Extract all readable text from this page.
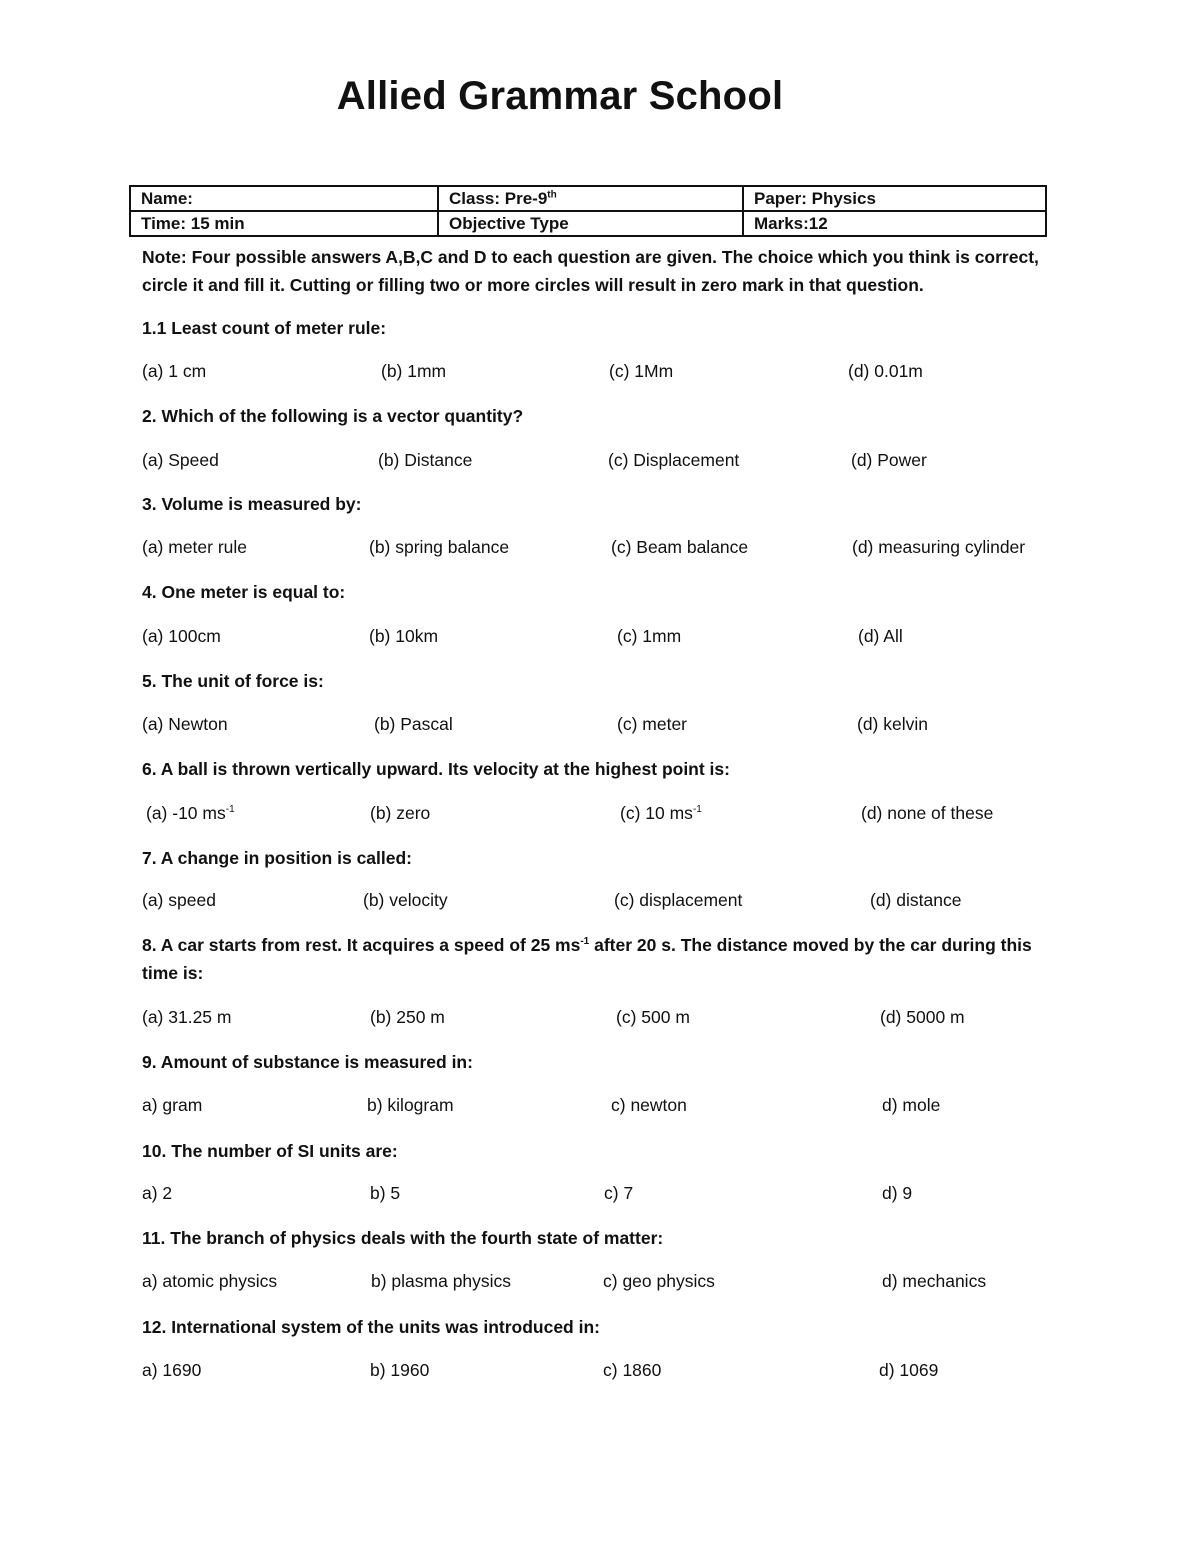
Allied Grammar School
Name:	Class: Pre-9th	Paper: Physics
Time: 15 min	Objective Type	Marks:12
Note: Four possible answers A,B,C and D to each question are given. The choice which you think is correct, circle it and fill it. Cutting or filling two or more circles will result in zero mark in that question.
1.1 Least count of meter rule:
(a) 1 cm	(b) 1mm	(c) 1Mm	(d) 0.01m
2. Which of the following is a vector quantity?
(a) Speed	(b) Distance	(c) Displacement	(d) Power
3. Volume is measured by:
(a) meter rule	(b) spring balance	(c) Beam balance	(d) measuring cylinder
4. One meter is equal to:
(a) 100cm	(b) 10km	(c) 1mm	(d) All
5. The unit of force is:
(a) Newton	(b) Pascal	(c) meter	(d) kelvin
6. A ball is thrown vertically upward. Its velocity at the highest point is:
(a) -10 $ms^{-1}$	(b) zero	(c) 10 $ms^{-1}$	(d) none of these
7. A change in position is called:
(a) speed	(b) velocity	(c) displacement	(d) distance
8. A car starts from rest. It acquires a speed of 25 $ms^{-1}$ after 20 s. The distance moved by the car during this time is:
(a) 31.25 m	(b) 250 m	(c) 500 m	(d) 5000 m
9. Amount of substance is measured in:
a) gram	b) kilogram	c) newton	d) mole
10. The number of SI units are:
a) 2	b) 5	c) 7	d) 9
11. The branch of physics deals with the fourth state of matter:
a) atomic physics	b) plasma physics	c) geo physics	d) mechanics
12. International system of the units was introduced in:
a) 1690	b) 1960	c) 1860	d) 1069
